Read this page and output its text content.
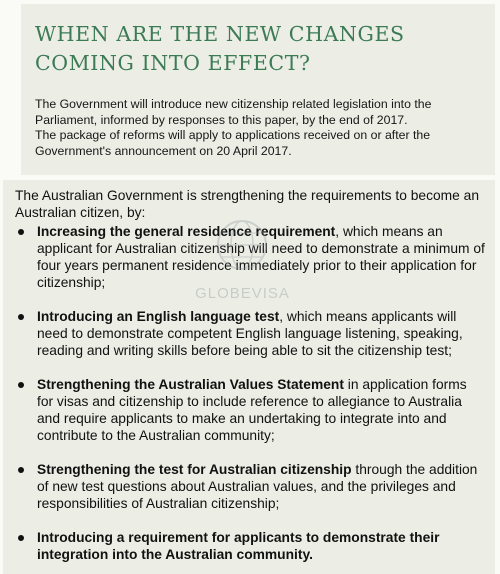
WHEN ARE THE NEW CHANGES
COMING INTO EFFECT?

The Government will introduce new citizenship related legislation into the Parliament, informed by responses to this paper, by the end of 2017.

The package of reforms will apply to applications received on or after the Government's announcement on 20 April 2017.

The Australian Government is strengthening the requirements to become an Australian citizen, by:

Increasing the general residence requirement, which means an applicant for Australian citizenship will need to demonstrate a minimum of four years permanent residence immediately prior to their application for citizenship;
Introducing an English language test, which means applicants will need to demonstrate competent English language listening, speaking, reading and writing skills before being able to sit the citizenship test;
Strengthening the Australian Values Statement in application forms for visas and citizenship to include reference to allegiance to Australia and require applicants to make an undertaking to integrate into and contribute to the Australian community;
Strengthening the test for Australian citizenship through the addition of new test questions about Australian values, and the privileges and responsibilities of Australian citizenship;
Introducing a requirement for applicants to demonstrate their integration into the Australian community.
GLOBEVISA
